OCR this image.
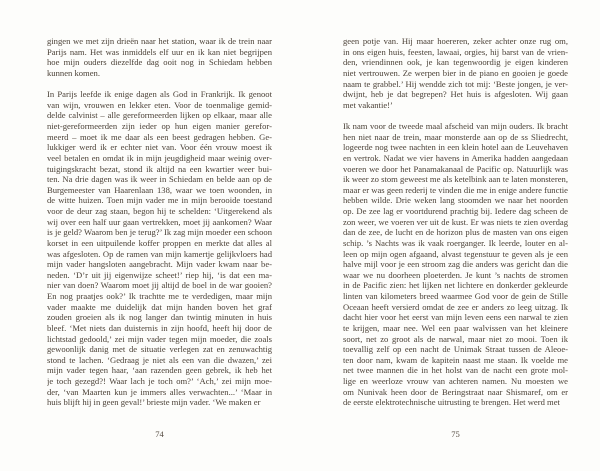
gingen we met zijn drieën naar het station, waar ik de trein naar
Parijs nam. Het was inmiddels elf uur en ik kan niet begrijpen
hoe mijn ouders diezelfde dag ooit nog in Schiedam hebben
kunnen komen.
In Parijs leefde ik enige dagen als God in Frankrijk. Ik genoot
van wijn, vrouwen en lekker eten. Voor de toenmalige gemid-
delde calvinist – alle gereformeerden lijken op elkaar, maar alle
niet-gereformeerden zijn ieder op hun eigen manier gerefor-
meerd – moet ik me daar als een beest gedragen hebben. Ge-
lukkiger werd ik er echter niet van. Voor één vrouw moest ik
veel betalen en omdat ik in mijn jeugdigheid maar weinig over-
tuigingskracht bezat, stond ik altijd na een kwartier weer bui-
ten. Na drie dagen was ik weer in Schiedam en belde aan op de
Burgemeester van Haarenlaan 138, waar we toen woonden, in
de witte huizen. Toen mijn vader me in mijn berooide toestand
voor de deur zag staan, begon hij te schelden: ‘Uitgerekend als
wij over een half uur gaan vertrekken, moet jij aankomen? Waar
is je geld? Waarom ben je terug?’ Ik zag mijn moeder een schoon
korset in een uitpuilende koffer proppen en merkte dat alles al
was afgesloten. Op de ramen van mijn kamertje gelijkvloers had
mijn vader hangsloten aangebracht. Mijn vader kwam naar be-
neden. ‘D’r uit jij eigenwijze scheet!’ riep hij, ‘is dat een ma-
nier van doen? Waarom moet jij altijd de boel in de war gooien?
En nog praatjes ook?’ Ik trachtte me te verdedigen, maar mijn
vader maakte me duidelijk dat mijn handen boven het graf
zouden groeien als ik nog langer dan twintig minuten in huis
bleef. ‘Met niets dan duisternis in zijn hoofd, heeft hij door de
lichtstad gedoold,’ zei mijn vader tegen mijn moeder, die zoals
gewoonlijk danig met de situatie verlegen zat en zenuwachtig
stond te lachen. ‘Gedraag je niet als een van die dwazen,’ zei
mijn vader tegen haar, ‘aan razenden geen gebrek, ik heb het
je toch gezegd?! Waar lach je toch om?’ ‘Ach,’ zei mijn moe-
der, ‘van Maarten kun je immers alles verwachten...’ ‘Maar in
huis blijft hij in geen geval!’ brieste mijn vader. ‘We maken er
74
geen potje van. Hij maar hoereren, zeker achter onze rug om,
in ons eigen huis, feesten, lawaai, orgies, hij barst van de vrien-
den, vriendinnen ook, je kan tegenwoordig je eigen kinderen
niet vertrouwen. Ze werpen bier in de piano en gooien je goede
naam te grabbel.’ Hij wendde zich tot mij: ‘Beste jongen, je ver-
dwijnt, heb je dat begrepen? Het huis is afgesloten. Wij gaan
met vakantie!’
Ik nam voor de tweede maal afscheid van mijn ouders. Ik bracht
hen niet naar de trein, maar monsterde aan op de ss Sliedrecht,
logeerde nog twee nachten in een klein hotel aan de Leuvehaven
en vertrok. Nadat we vier havens in Amerika hadden aangedaan
voeren we door het Panamakanaal de Pacific op. Natuurlijk was
ik weer zo stom geweest me als ketelbink aan te laten monsteren,
maar er was geen rederij te vinden die me in enige andere functie
hebben wilde. Drie weken lang stoomden we naar het noorden
op. De zee lag er voortdurend prachtig bij. Iedere dag scheen de
zon weer, we voeren ver uit de kust. Er was niets te zien overdag
dan de zee, de lucht en de horizon plus de masten van ons eigen
schip. ’s Nachts was ik vaak roerganger. Ik leerde, louter en al-
leen op mijn ogen afgaand, alvast tegenstuur te geven als je een
halve mijl voor je een stroom zag die anders was gericht dan die
waar we nu doorheen ploeterden. Je kunt ’s nachts de stromen
in de Pacific zien: het lijken net lichtere en donkerder gekleurde
linten van kilometers breed waarmee God voor de gein de Stille
Oceaan heeft versierd omdat de zee er anders zo leeg uitzag. Ik
dacht hier voor het eerst van mijn leven eens een narwal te zien
te krijgen, maar nee. Wel een paar walvissen van het kleinere
soort, net zo groot als de narwal, maar niet zo mooi. Toen ik
toevallig zelf op een nacht de Unimak Straat tussen de Aleoe-
ten door nam, kwam de kapitein naast me staan. Ik voelde me
net twee mannen die in het holst van de nacht een grote mol-
lige en weerloze vrouw van achteren namen. Nu moesten we
om Nunivak heen door de Beringstraat naar Shismaref, om er
de eerste elektrotechnische uitrusting te brengen. Het werd met
75
